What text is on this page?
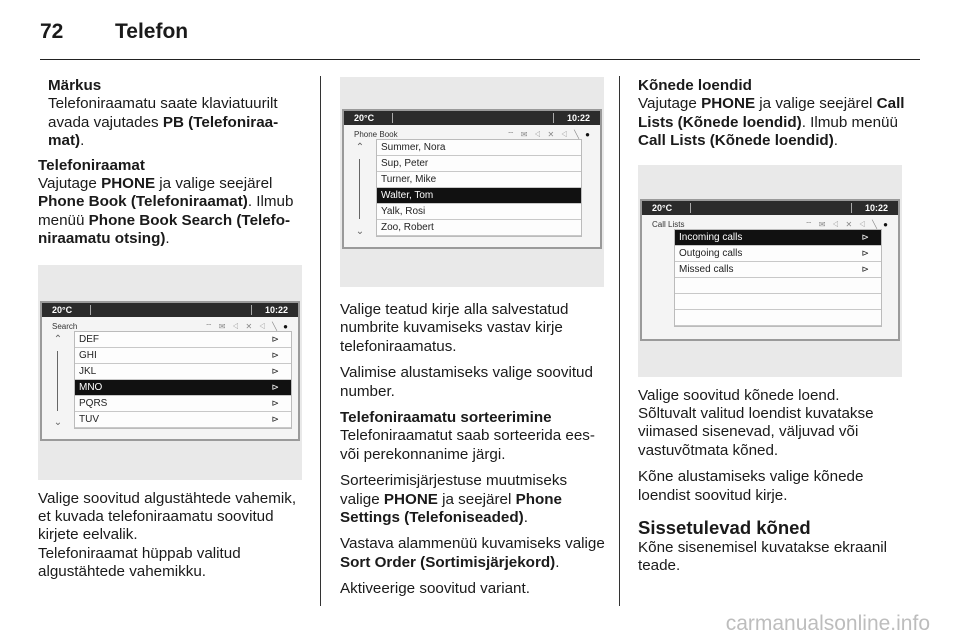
72 Telefon
Märkus
Telefoniraamatu saate klaviatuurilt avada vajutades PB (Telefoniraamat).
Telefoniraamat
Vajutage PHONE ja valige seejärel Phone Book (Telefoniraamat). Ilmub menüü Phone Book Search (Telefoniraamatu otsing).
20°C	10:22
Search	⌔ ✉ ◁ ✕ ◁ ╲ ●
⌃
⌄
DEF	⊳
GHI	⊳
JKL	⊳
MNO	⊳
PQRS	⊳
TUV	⊳
Valige soovitud algustähtede vahemik, et kuvada telefoniraamatu soovitud kirjete eelvalik.
Telefoniraamat hüppab valitud algustähtede vahemikku.
20°C	10:22
Phone Book	⌔ ✉ ◁ ✕ ◁ ╲ ●
⌃
⌄
Summer, Nora
Sup, Peter
Turner, Mike
Walter, Tom
Yalk, Rosi
Zoo, Robert
Valige teatud kirje alla salvestatud numbrite kuvamiseks vastav kirje telefoniraamatus.
Valimise alustamiseks valige soovitud number.
Telefoniraamatu sorteerimine
Telefoniraamatut saab sorteerida ees- või perekonnanime järgi.
Sorteerimisjärjestuse muutmiseks valige PHONE ja seejärel Phone Settings (Telefoniseaded).
Vastava alammenüü kuvamiseks valige Sort Order (Sortimisjärjekord).
Aktiveerige soovitud variant.
Kõnede loendid
Vajutage PHONE ja valige seejärel Call Lists (Kõnede loendid). Ilmub menüü Call Lists (Kõnede loendid).
20°C	10:22
Call Lists	⌔ ✉ ◁ ✕ ◁ ╲ ●
Incoming calls	⊳
Outgoing calls	⊳
Missed calls	⊳
Valige soovitud kõnede loend.
Sõltuvalt valitud loendist kuvatakse viimased sisenevad, väljuvad või vastuvõtmata kõned.
Kõne alustamiseks valige kõnede loendist soovitud kirje.
Sissetulevad kõned
Kõne sisenemisel kuvatakse ekraanil teade.
carmanualsonline.info
